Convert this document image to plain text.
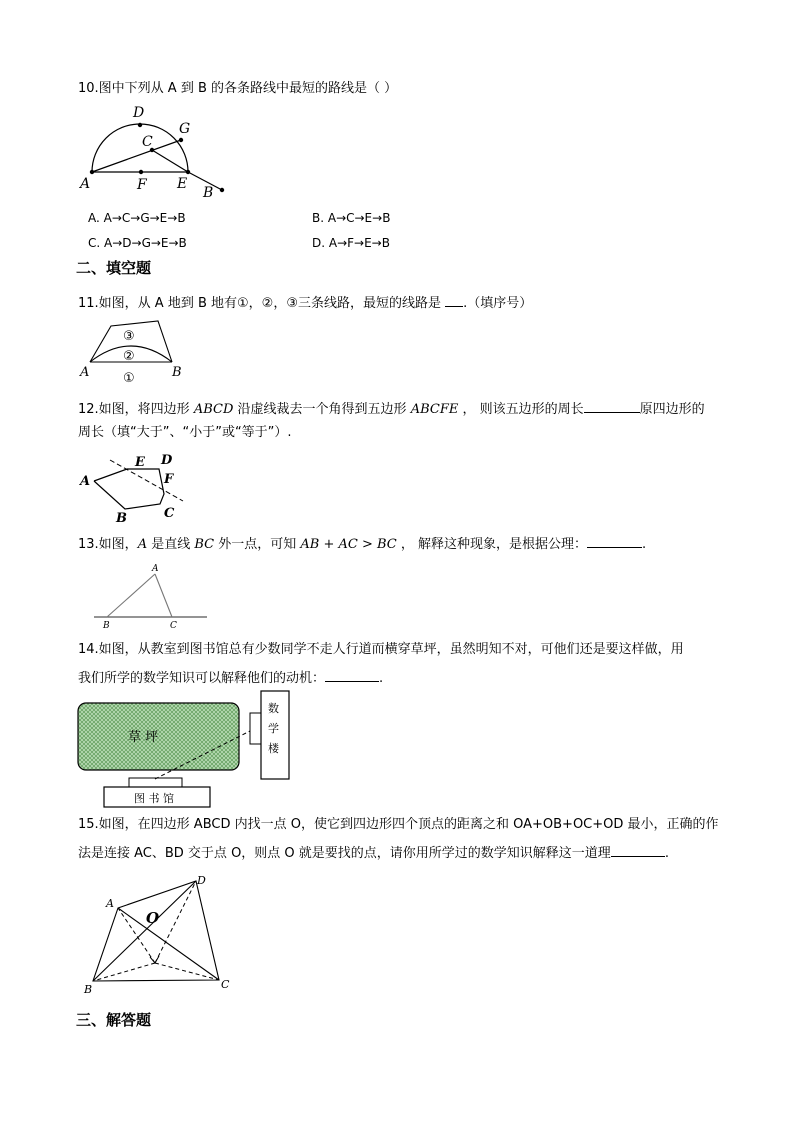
10.图中下列从 A 到 B 的各条路线中最短的路线是（ ）
A
D
C
G
F E
B
A. A→C→G→E→B	B. A→C→E→B
C. A→D→G→E→B	D. A→F→E→B
二、填空题
11.如图，从 A 地到 B 地有①，②，③三条线路，最短的线路是 .（填序号）
A	B
③
②
①
12.如图，将四边形 ABCD 沿虚线裁去一个角得到五边形 ABCFE ， 则该五边形的周长	原四边形的
周长（填“大于”、“小于”或“等于”）.
A
B	C
D
E
F
13.如图，A 是直线 BC 外一点，可知 AB + AC > BC ， 解释这种现象，是根据公理：	.
A
B	C
14.如图，从教室到图书馆总有少数同学不走人行道而横穿草坪，虽然明知不对，可他们还是要这样做，用
我们所学的数学知识可以解释他们的动机：	.
草 坪
数
学
楼
图 书 馆
15.如图，在四边形 ABCD 内找一点 O，使它到四边形四个顶点的距离之和 OA+OB+OC+OD 最小，正确的作
法是连接 AC、BD 交于点 O，则点 O 就是要找的点，请你用所学过的数学知识解释这一道理	.
A
B	C
D
O
三、解答题
